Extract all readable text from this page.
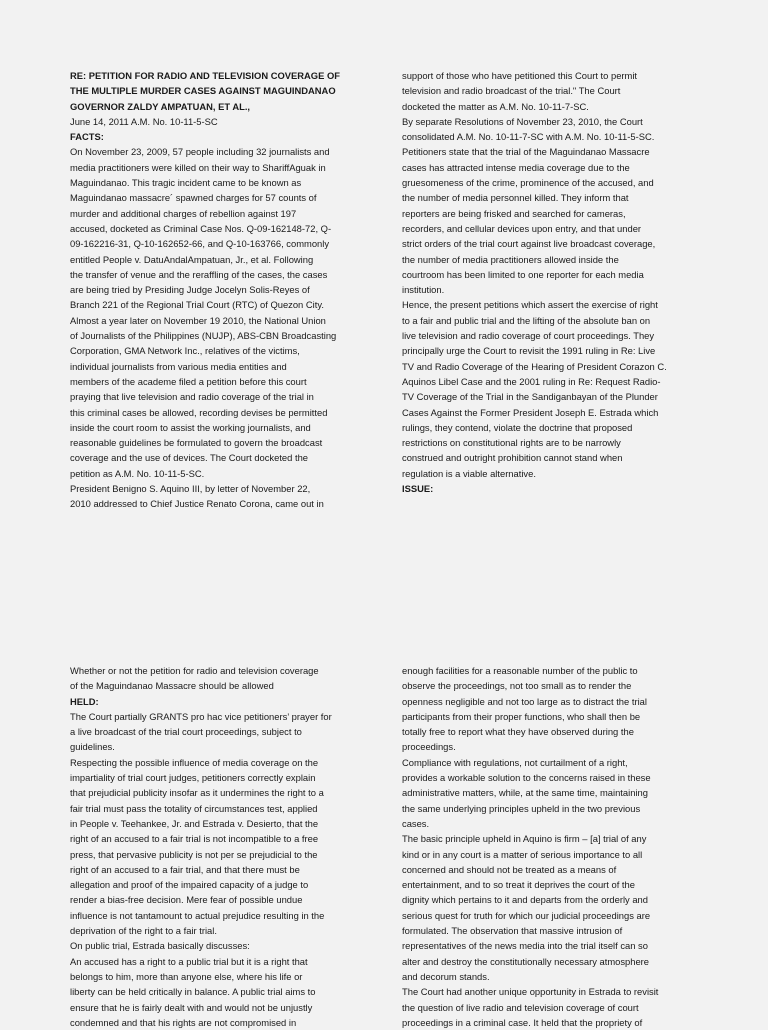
RE: PETITION FOR RADIO AND TELEVISION COVERAGE OF
THE MULTIPLE MURDER CASES AGAINST MAGUINDANAO
GOVERNOR ZALDY AMPATUAN, ET AL.,
June 14, 2011 A.M. No. 10-11-5-SC
FACTS:
On November 23, 2009, 57 people including 32 journalists and
media practitioners were killed on their way to ShariffAguak in
Maguindanao. This tragic incident came to be known as
Maguindanao massacre´ spawned charges for 57 counts of
murder and additional charges of rebellion against 197
accused, docketed as Criminal Case Nos. Q-09-162148-72, Q-
09-162216-31, Q-10-162652-66, and Q-10-163766, commonly
entitled People v. DatuAndalAmpatuan, Jr., et al. Following
the transfer of venue and the reraffling of the cases, the cases
are being tried by Presiding Judge Jocelyn Solis-Reyes of
Branch 221 of the Regional Trial Court (RTC) of Quezon City.
Almost a year later on November 19 2010, the National Union
of Journalists of the Philippines (NUJP), ABS-CBN Broadcasting
Corporation, GMA Network Inc., relatives of the victims,
individual journalists from various media entities and
members of the academe filed a petition before this court
praying that live television and radio coverage of the trial in
this criminal cases be allowed, recording devises be permitted
inside the court room to assist the working journalists, and
reasonable guidelines be formulated to govern the broadcast
coverage and the use of devices. The Court docketed the
petition as A.M. No. 10-11-5-SC.
President Benigno S. Aquino III, by letter of November 22,
2010 addressed to Chief Justice Renato Corona, came out in
support of those who have petitioned this Court to permit
television and radio broadcast of the trial." The Court
docketed the matter as A.M. No. 10-11-7-SC.
By separate Resolutions of November 23, 2010, the Court
consolidated A.M. No. 10-11-7-SC with A.M. No. 10-11-5-SC.
Petitioners state that the trial of the Maguindanao Massacre
cases has attracted intense media coverage due to the
gruesomeness of the crime, prominence of the accused, and
the number of media personnel killed. They inform that
reporters are being frisked and searched for cameras,
recorders, and cellular devices upon entry, and that under
strict orders of the trial court against live broadcast coverage,
the number of media practitioners allowed inside the
courtroom has been limited to one reporter for each media
institution.
Hence, the present petitions which assert the exercise of right
to a fair and public trial and the lifting of the absolute ban on
live television and radio coverage of court proceedings. They
principally urge the Court to revisit the 1991 ruling in Re: Live
TV and Radio Coverage of the Hearing of President Corazon C.
Aquinos Libel Case and the 2001 ruling in Re: Request Radio-
TV Coverage of the Trial in the Sandiganbayan of the Plunder
Cases Against the Former President Joseph E. Estrada which
rulings, they contend, violate the doctrine that proposed
restrictions on constitutional rights are to be narrowly
construed and outright prohibition cannot stand when
regulation is a viable alternative.
ISSUE:
Whether or not the petition for radio and television coverage
of the Maguindanao Massacre should be allowed
HELD:
The Court partially GRANTS pro hac vice petitioners’ prayer for
a live broadcast of the trial court proceedings, subject to
guidelines.
Respecting the possible influence of media coverage on the
impartiality of trial court judges, petitioners correctly explain
that prejudicial publicity insofar as it undermines the right to a
fair trial must pass the totality of circumstances test, applied
in People v. Teehankee, Jr. and Estrada v. Desierto, that the
right of an accused to a fair trial is not incompatible to a free
press, that pervasive publicity is not per se prejudicial to the
right of an accused to a fair trial, and that there must be
allegation and proof of the impaired capacity of a judge to
render a bias-free decision. Mere fear of possible undue
influence is not tantamount to actual prejudice resulting in the
deprivation of the right to a fair trial.
On public trial, Estrada basically discusses:
An accused has a right to a public trial but it is a right that
belongs to him, more than anyone else, where his life or
liberty can be held critically in balance. A public trial aims to
ensure that he is fairly dealt with and would not be unjustly
condemned and that his rights are not compromised in
enough facilities for a reasonable number of the public to
observe the proceedings, not too small as to render the
openness negligible and not too large as to distract the trial
participants from their proper functions, who shall then be
totally free to report what they have observed during the
proceedings.
Compliance with regulations, not curtailment of a right,
provides a workable solution to the concerns raised in these
administrative matters, while, at the same time, maintaining
the same underlying principles upheld in the two previous
cases.
The basic principle upheld in Aquino is firm – [a] trial of any
kind or in any court is a matter of serious importance to all
concerned and should not be treated as a means of
entertainment, and to so treat it deprives the court of the
dignity which pertains to it and departs from the orderly and
serious quest for truth for which our judicial proceedings are
formulated. The observation that massive intrusion of
representatives of the news media into the trial itself can so
alter and destroy the constitutionally necessary atmosphere
and decorum stands.
The Court had another unique opportunity in Estrada to revisit
the question of live radio and television coverage of court
proceedings in a criminal case. It held that the propriety of
